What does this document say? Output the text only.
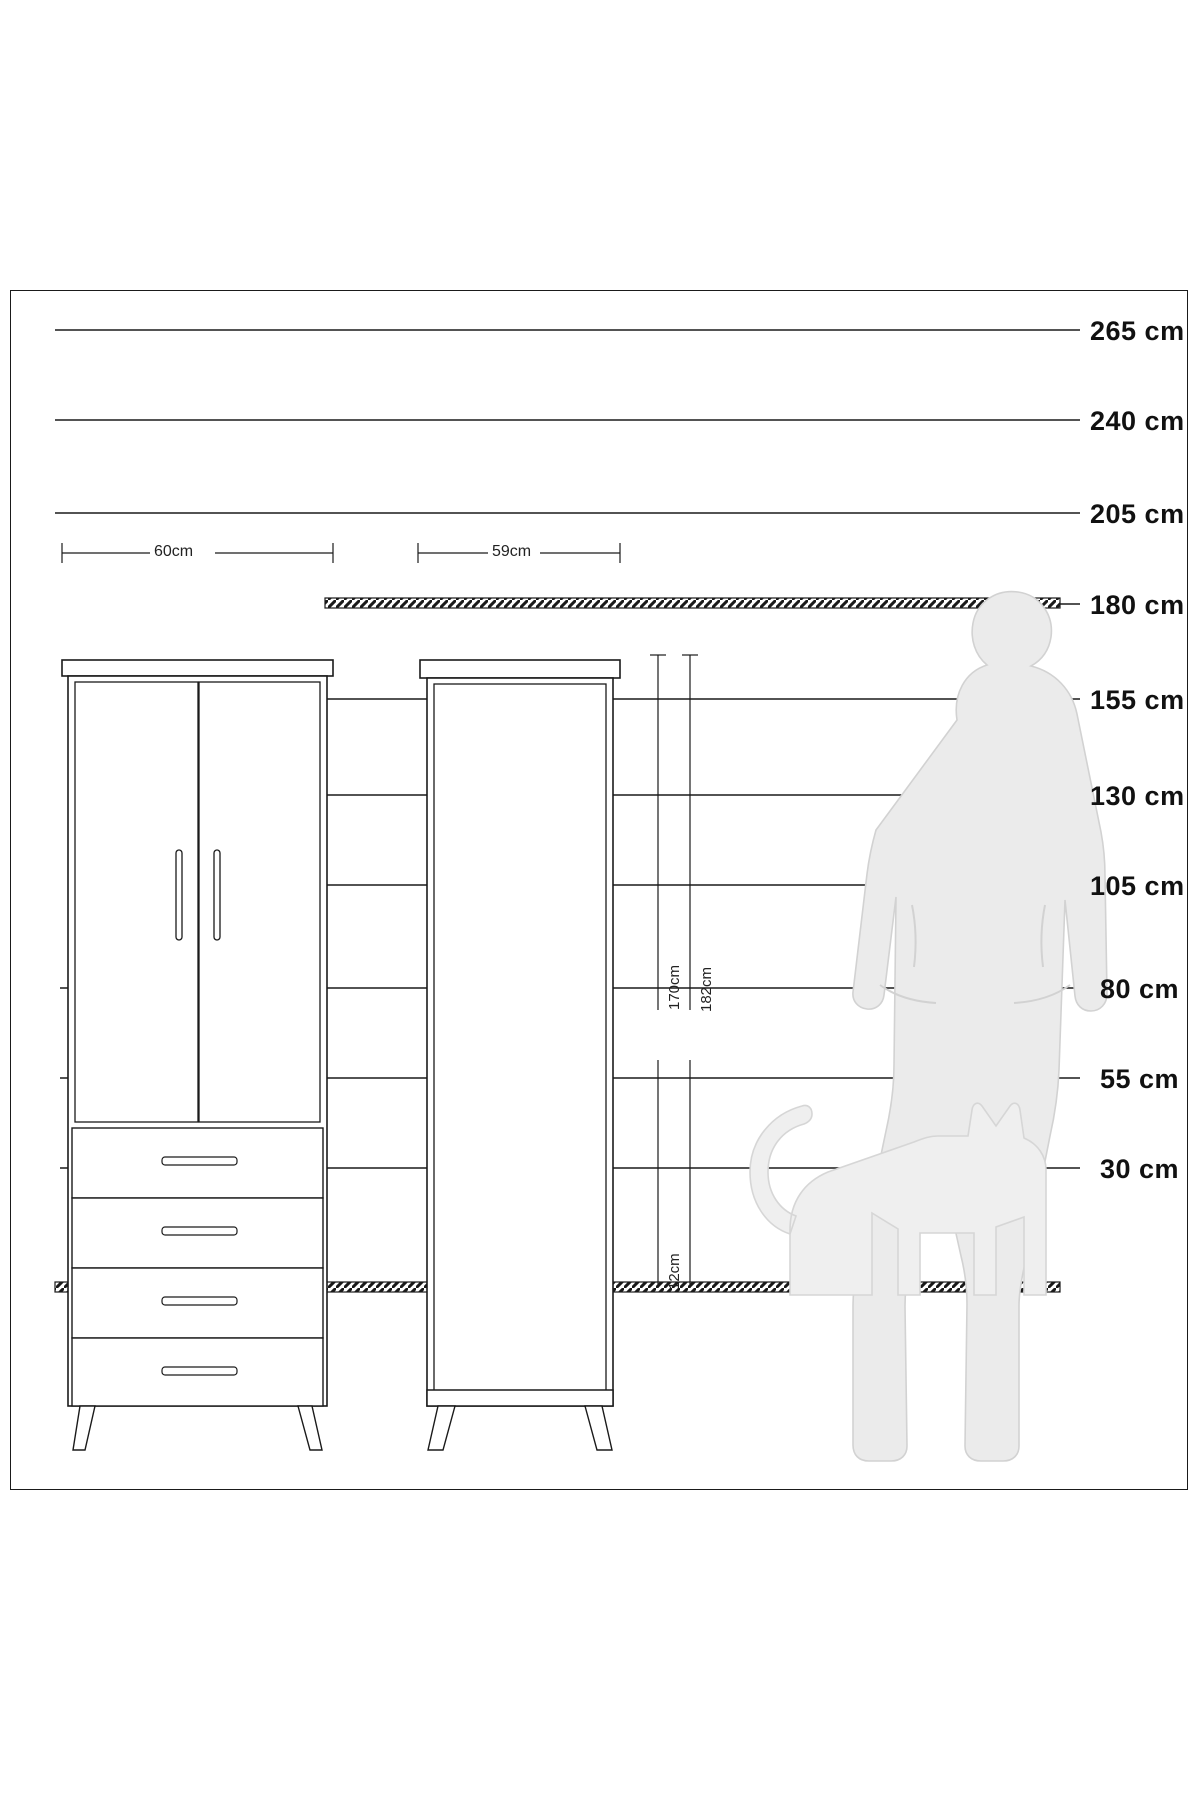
265 cm
240 cm
205 cm
180 cm
155 cm
130 cm
105 cm
80 cm
55 cm
30 cm
60cm	59cm
170cm 182cm
12cm
